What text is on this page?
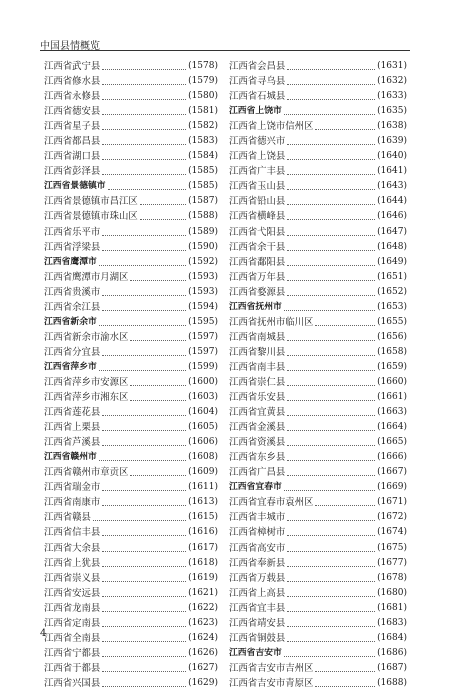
中国县情概览
江西省武宁县	(1578)
江西省修水县	(1579)
江西省永修县	(1580)
江西省德安县	(1581)
江西省星子县	(1582)
江西省都昌县	(1583)
江西省湖口县	(1584)
江西省彭泽县	(1585)
江西省景德镇市	(1585)
江西省景德镇市昌江区	(1587)
江西省景德镇市珠山区	(1588)
江西省乐平市	(1589)
江西省浮梁县	(1590)
江西省鹰潭市	(1592)
江西省鹰潭市月湖区	(1593)
江西省贵溪市	(1593)
江西省余江县	(1594)
江西省新余市	(1595)
江西省新余市渝水区	(1597)
江西省分宜县	(1597)
江西省萍乡市	(1599)
江西省萍乡市安源区	(1600)
江西省萍乡市湘东区	(1603)
江西省莲花县	(1604)
江西省上栗县	(1605)
江西省芦溪县	(1606)
江西省赣州市	(1608)
江西省赣州市章贡区	(1609)
江西省瑞金市	(1611)
江西省南康市	(1613)
江西省赣县	(1615)
江西省信丰县	(1616)
江西省大余县	(1617)
江西省上犹县	(1618)
江西省崇义县	(1619)
江西省安远县	(1621)
江西省龙南县	(1622)
江西省定南县	(1623)
江西省全南县	(1624)
江西省宁都县	(1626)
江西省于都县	(1627)
江西省兴国县	(1629)
江西省会昌县	(1631)
江西省寻乌县	(1632)
江西省石城县	(1633)
江西省上饶市	(1635)
江西省上饶市信州区	(1638)
江西省德兴市	(1639)
江西省上饶县	(1640)
江西省广丰县	(1641)
江西省玉山县	(1643)
江西省铅山县	(1644)
江西省横峰县	(1646)
江西省弋阳县	(1647)
江西省余干县	(1648)
江西省鄱阳县	(1649)
江西省万年县	(1651)
江西省婺源县	(1652)
江西省抚州市	(1653)
江西省抚州市临川区	(1655)
江西省南城县	(1656)
江西省黎川县	(1658)
江西省南丰县	(1659)
江西省崇仁县	(1660)
江西省乐安县	(1661)
江西省宜黄县	(1663)
江西省金溪县	(1664)
江西省资溪县	(1665)
江西省东乡县	(1666)
江西省广昌县	(1667)
江西省宜春市	(1669)
江西省宜春市袁州区	(1671)
江西省丰城市	(1672)
江西省樟树市	(1674)
江西省高安市	(1675)
江西省奉新县	(1677)
江西省万载县	(1678)
江西省上高县	(1680)
江西省宜丰县	(1681)
江西省靖安县	(1683)
江西省铜鼓县	(1684)
江西省吉安市	(1686)
江西省吉安市吉州区	(1687)
江西省吉安市青原区	(1688)
4
